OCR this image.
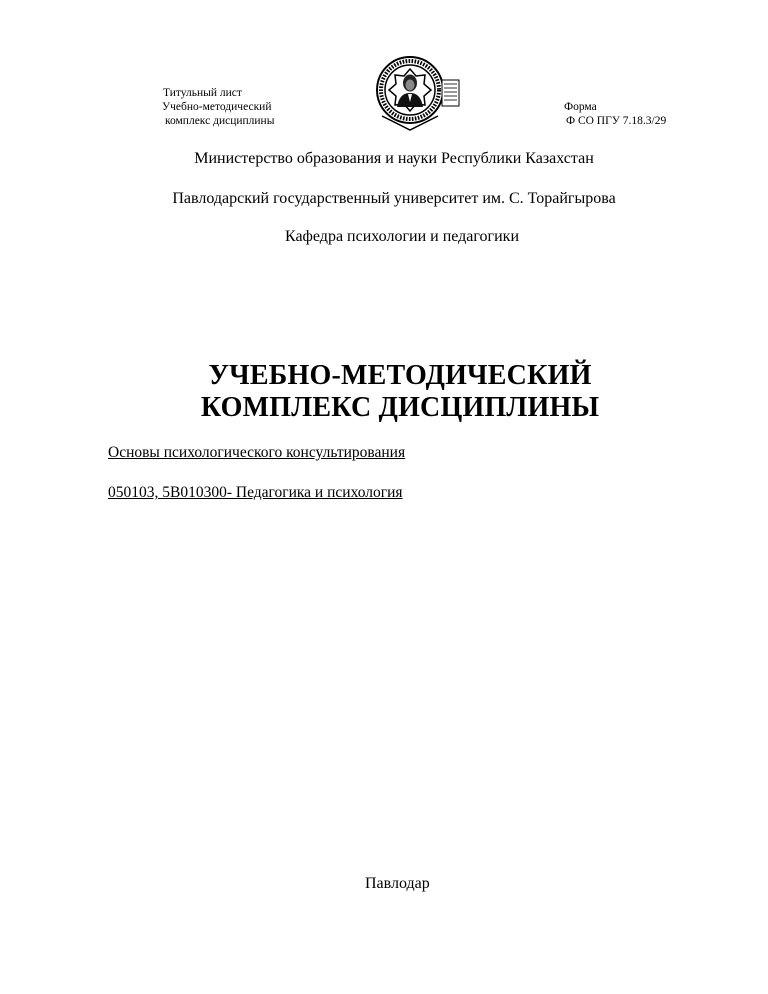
Титульный лист
Учебно-методический
комплекс дисциплины
Форма
Ф СО ПГУ 7.18.3/29
Министерство образования и науки Республики Казахстан
Павлодарский государственный университет им. С. Торайгырова
Кафедра психологии и педагогики
УЧЕБНО-МЕТОДИЧЕСКИЙ
КОМПЛЕКС ДИСЦИПЛИНЫ
Основы психологического консультирования
050103, 5В010300- Педагогика и психология
Павлодар
